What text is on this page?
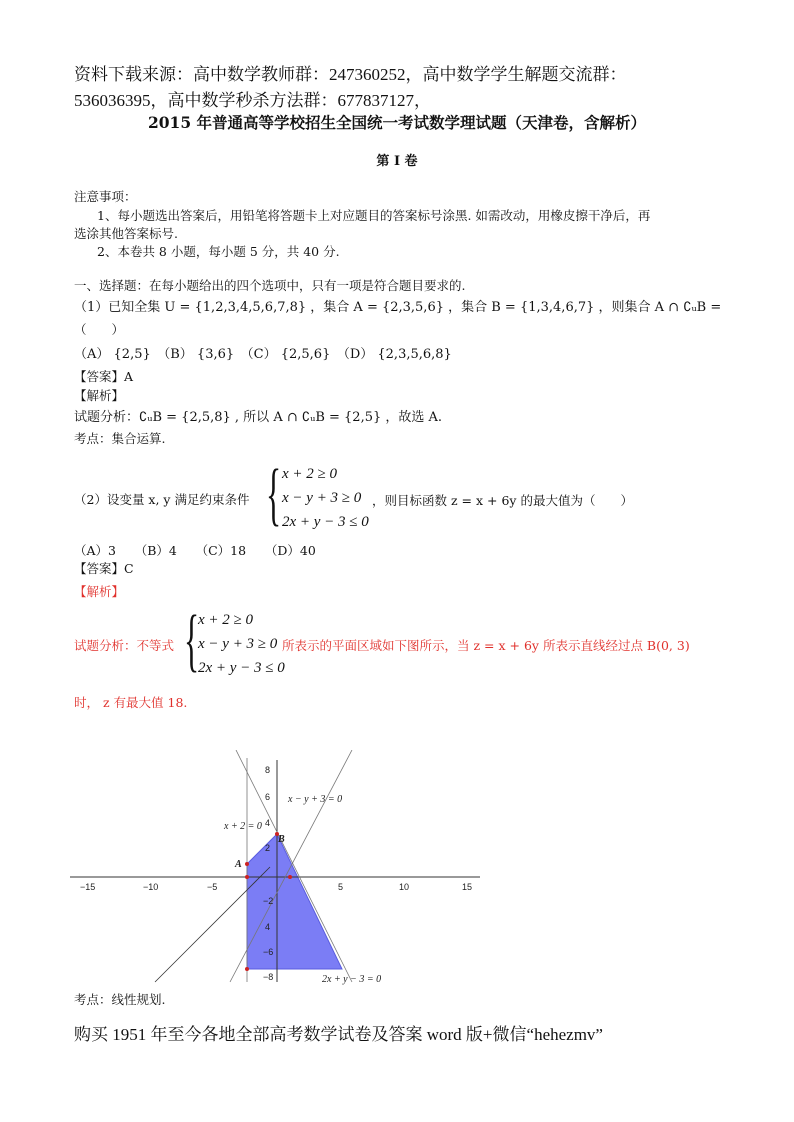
资料下载来源：高中数学教师群：247360252，高中数学学生解题交流群：
536036395，高中数学秒杀方法群：677837127，
2015 年普通高等学校招生全国统一考试数学理试题（天津卷，含解析）
第 I 卷
注意事项：
1、每小题选出答案后，用铅笔将答题卡上对应题目的答案标号涂黑. 如需改动，用橡皮擦干净后，再
选涂其他答案标号.
2、本卷共 8 小题，每小题 5 分，共 40 分.
一、选择题：在每小题给出的四个选项中，只有一项是符合题目要求的.
（1）已知全集 U = {1,2,3,4,5,6,7,8} ，集合 A = {2,3,5,6} ，集合 B = {1,3,4,6,7} ，则集合 A ∩ ∁ᵤB =
（　　）
（A） {2,5}　（B） {3,6}　（C） {2,5,6}　（D） {2,3,5,6,8}
【答案】A
【解析】
试题分析：∁ᵤB = {2,5,8} , 所以 A ∩ ∁ᵤB = {2,5} ，故选 A.
考点：集合运算.
（2）设变量 x, y 满足约束条件 { x + 2 ≥ 0
x − y + 3 ≥ 0
2x + y − 3 ≤ 0
，则目标函数 z = x + 6y 的最大值为（　　）
（A）3　　（B）4　　（C）18　　（D）40
【答案】C
【解析】
试题分析：不等式 {
x + 2 ≥ 0
x − y + 3 ≥ 0
2x + y − 3 ≤ 0
所表示的平面区域如下图所示，当 z = x + 6y 所表示直线经过点 B(0, 3)
时， z 有最大值 18.
−15	−10	−5	5	10	15
8
6
4
2
−2
4
−6
−8
A
B
x − y + 3 = 0
x + 2 = 0
2x + y − 3 = 0
考点：线性规划.
购买 1951 年至今各地全部高考数学试卷及答案 word 版+微信“hehezmv”
